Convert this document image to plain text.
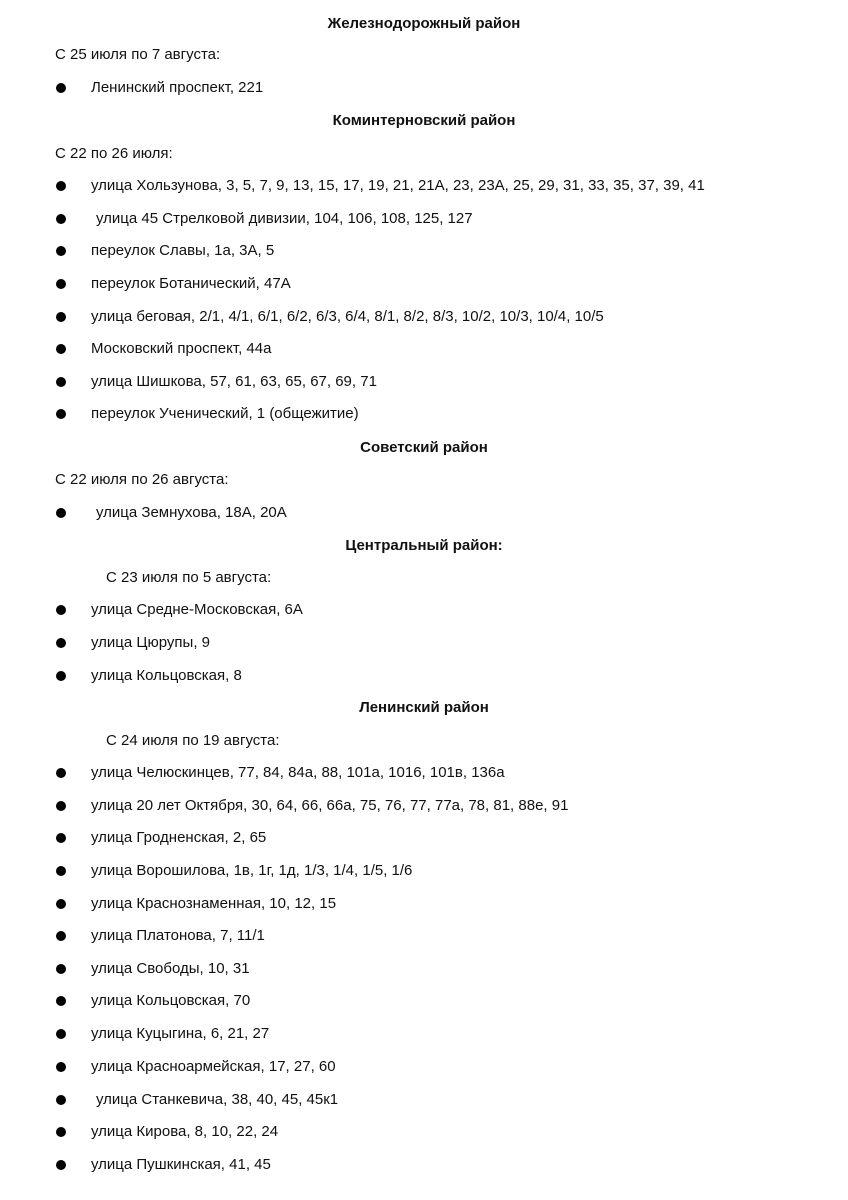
Железнодорожный район
С 25 июля по 7 августа:
Ленинский проспект, 221
Коминтерновский район
С 22 по 26 июля:
улица Хользунова, 3, 5, 7, 9, 13, 15, 17, 19, 21, 21А, 23, 23А, 25, 29, 31, 33, 35, 37, 39, 41
улица 45 Стрелковой дивизии, 104, 106, 108, 125, 127
переулок Славы, 1а, 3А, 5
переулок Ботанический, 47А
улица беговая, 2/1, 4/1, 6/1, 6/2, 6/3, 6/4, 8/1, 8/2, 8/3, 10/2, 10/3, 10/4, 10/5
Московский проспект, 44а
улица Шишкова, 57, 61, 63, 65, 67, 69, 71
переулок Ученический, 1 (общежитие)
Советский район
С 22 июля по 26 августа:
улица Земнухова, 18А, 20А
Центральный район:
С 23 июля по 5 августа:
улица Средне-Московская, 6А
улица Цюрупы, 9
улица Кольцовская, 8
Ленинский район
С 24 июля по 19 августа:
улица Челюскинцев, 77, 84, 84а, 88, 101а, 1016, 101в, 136а
улица 20 лет Октября, 30, 64, 66, 66а, 75, 76, 77, 77а, 78, 81, 88е, 91
улица Гродненская, 2, 65
улица Ворошилова, 1в, 1г, 1д, 1/3, 1/4, 1/5, 1/6
улица Краснознаменная, 10, 12, 15
улица Платонова, 7, 11/1
улица Свободы, 10, 31
улица Кольцовская, 70
улица Куцыгина, 6, 21, 27
улица Красноармейская, 17, 27, 60
улица Станкевича, 38, 40, 45, 45к1
улица Кирова, 8, 10, 22, 24
улица Пушкинская, 41, 45
